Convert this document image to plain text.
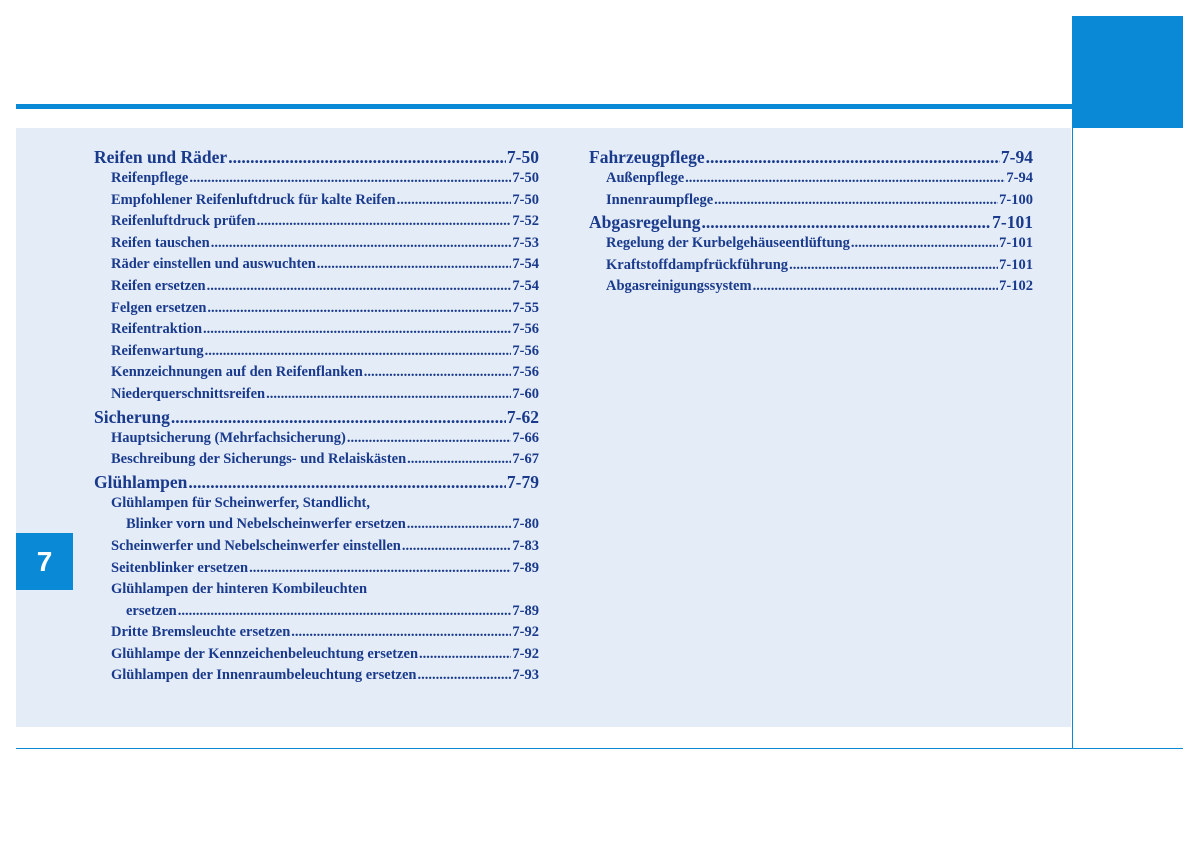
7
Reifen und Räder .....	7-50
Reifenpflege .....	7-50
Empfohlener Reifenluftdruck für kalte Reifen .....	7-50
Reifenluftdruck prüfen .....	7-52
Reifen tauschen .....	7-53
Räder einstellen und auswuchten .....	7-54
Reifen ersetzen .....	7-54
Felgen ersetzen .....	7-55
Reifentraktion .....	7-56
Reifenwartung .....	7-56
Kennzeichnungen auf den Reifenflanken .....	7-56
Niederquerschnittsreifen .....	7-60
Sicherung .....	7-62
Hauptsicherung (Mehrfachsicherung) .....	7-66
Beschreibung der Sicherungs- und Relaiskästen .....	7-67
Glühlampen .....	7-79
Glühlampen für Scheinwerfer, Standlicht,
Blinker vorn und Nebelscheinwerfer ersetzen .....	7-80
Scheinwerfer und Nebelscheinwerfer einstellen .....	7-83
Seitenblinker ersetzen .....	7-89
Glühlampen der hinteren Kombileuchten
ersetzen .....	7-89
Dritte Bremsleuchte ersetzen .....	7-92
Glühlampe der Kennzeichenbeleuchtung ersetzen .....	7-92
Glühlampen der Innenraumbeleuchtung ersetzen .....	7-93
Fahrzeugpflege .....	7-94
Außenpflege .....	7-94
Innenraumpflege .....	7-100
Abgasregelung .....	7-101
Regelung der Kurbelgehäuseentlüftung .....	7-101
Kraftstoffdampfrückführung .....	7-101
Abgasreinigungssystem .....	7-102
